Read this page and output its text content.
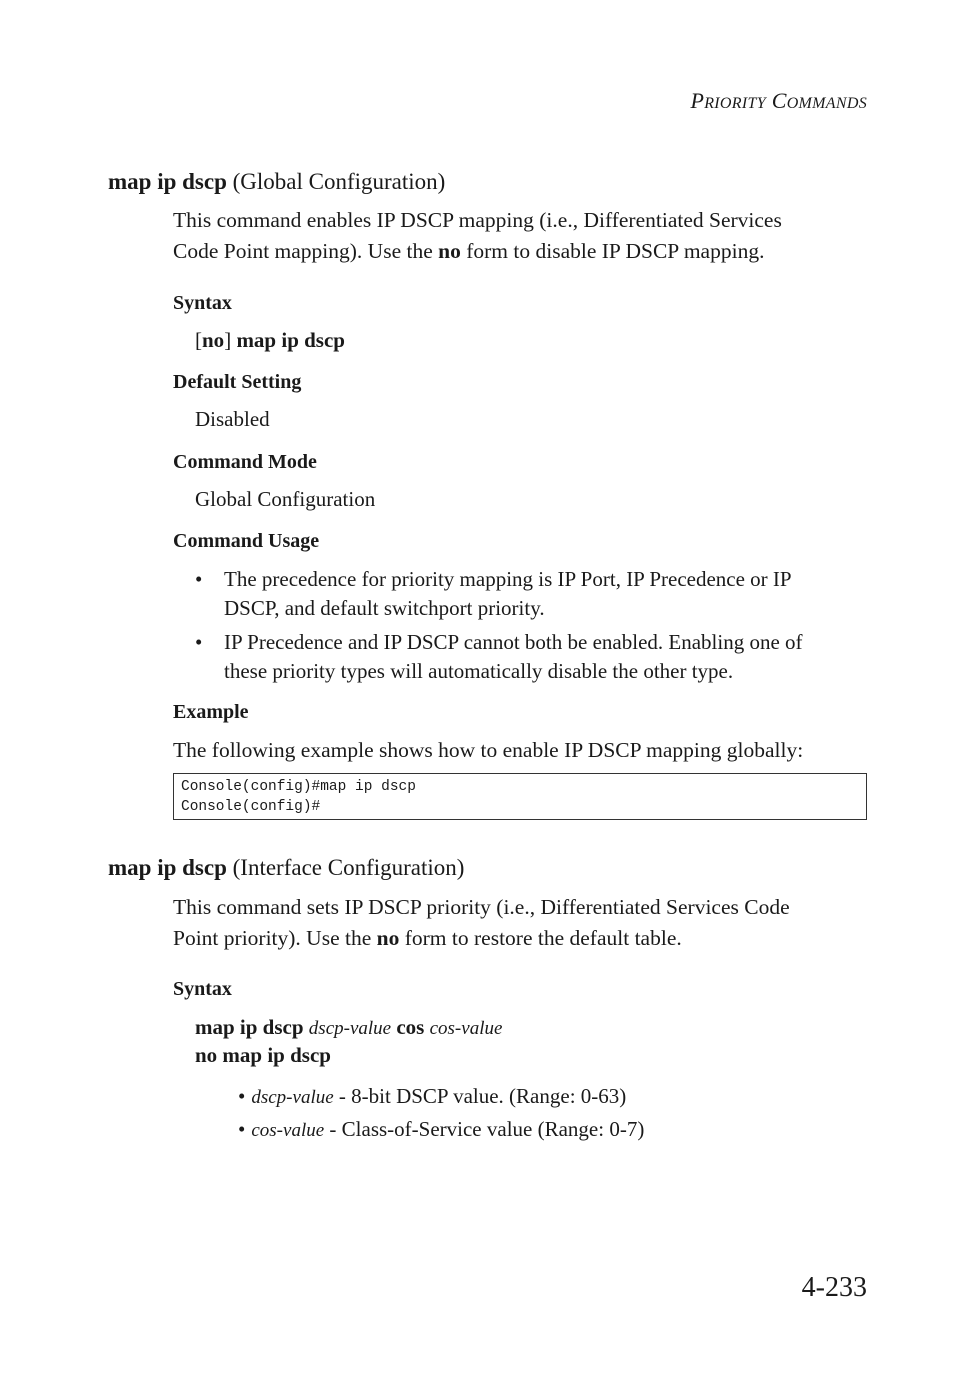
PRIORITY COMMANDS
map ip dscp (Global Configuration)
This command enables IP DSCP mapping (i.e., Differentiated Services
Code Point mapping). Use the no form to disable IP DSCP mapping.
Syntax
[no] map ip dscp
Default Setting
Disabled
Command Mode
Global Configuration
Command Usage
• The precedence for priority mapping is IP Port, IP Precedence or IP
DSCP, and default switchport priority.
• IP Precedence and IP DSCP cannot both be enabled. Enabling one of
these priority types will automatically disable the other type.
Example
The following example shows how to enable IP DSCP mapping globally:
Console(config)#map ip dscp
Console(config)#
map ip dscp (Interface Configuration)
This command sets IP DSCP priority (i.e., Differentiated Services Code
Point priority). Use the no form to restore the default table.
Syntax
map ip dscp dscp-value cos cos-value
no map ip dscp
• dscp-value - 8-bit DSCP value. (Range: 0-63)
• cos-value - Class-of-Service value (Range: 0-7)
4-233
